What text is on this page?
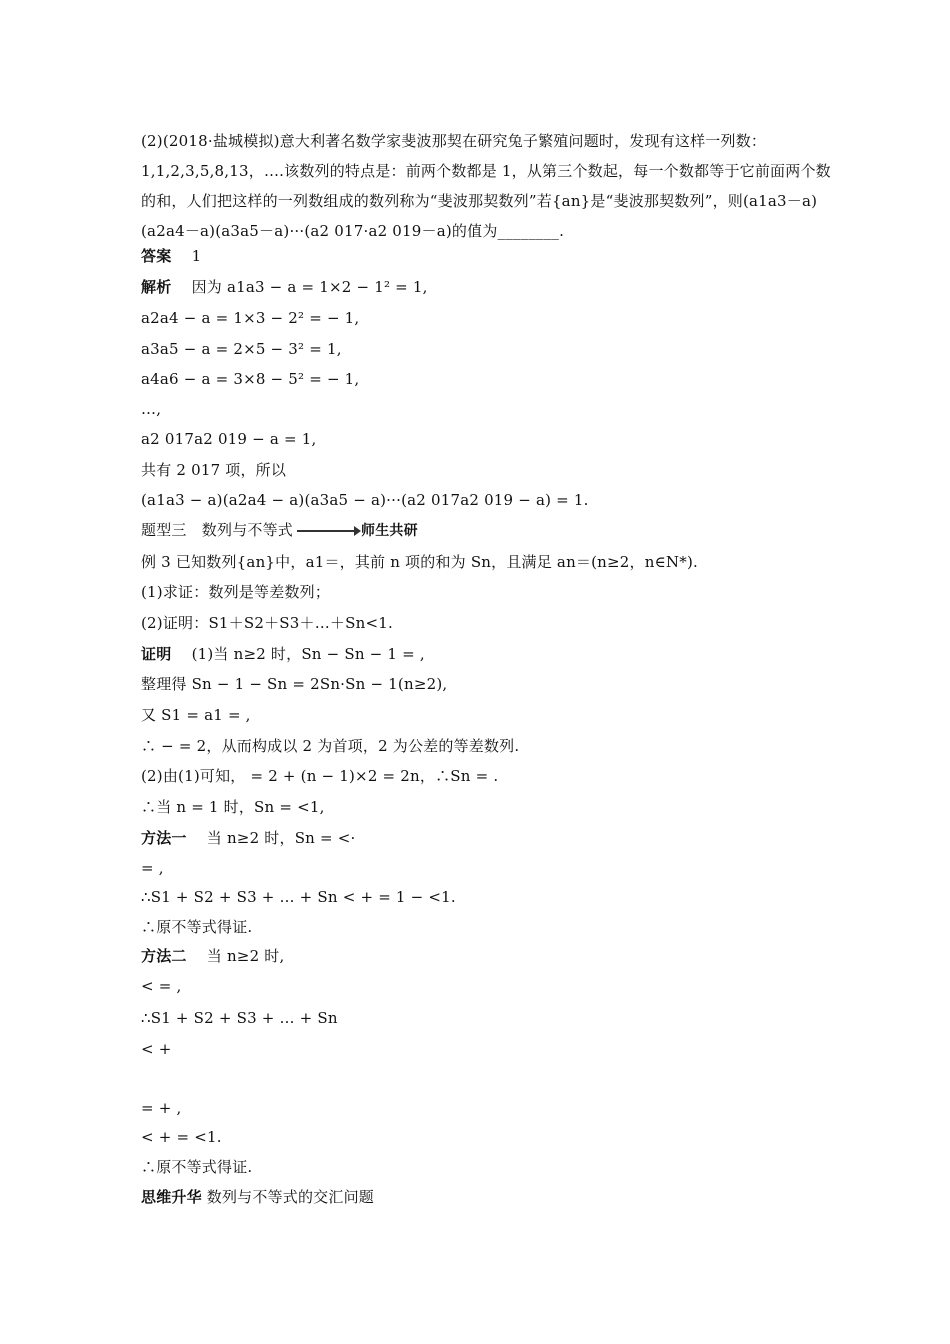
(2)(2018·盐城模拟)意大利著名数学家斐波那契在研究兔子繁殖问题时，发现有这样一列数：1,1,2,3,5,8,13，….该数列的特点是：前两个数都是 1，从第三个数起，每一个数都等于它前面两个数的和，人们把这样的一列数组成的数列称为“斐波那契数列”若{an}是“斐波那契数列”，则(a1a3－a)(a2a4－a)(a3a5－a)···(a2 017·a2 019－a)的值为________.
答案　 1
解析　 因为 a1a3 − a = 1×2 − 1² = 1,
a2a4 − a = 1×3 − 2² = − 1,
a3a5 − a = 2×5 − 3² = 1,
a4a6 − a = 3×8 − 5² = − 1,
…,
a2 017a2 019 − a = 1,
共有 2 017 项，所以
(a1a3 − a)(a2a4 − a)(a3a5 − a)···(a2 017a2 019 − a) = 1.
题型三　数列与不等式	师生共研
例 3 已知数列{an}中，a1＝，其前 n 项的和为 Sn，且满足 an＝(n≥2，n∈N*).
(1)求证：数列是等差数列；
(2)证明：S1＋S2＋S3＋…＋Sn<1.
证明　 (1)当 n≥2 时，Sn − Sn − 1 = ,
整理得 Sn − 1 − Sn = 2Sn·Sn − 1(n≥2),
又 S1 = a1 = ,
∴ − = 2，从而构成以 2 为首项，2 为公差的等差数列.
(2)由(1)可知， = 2 + (n − 1)×2 = 2n，∴Sn = .
∴当 n = 1 时，Sn = <1,
方法一　 当 n≥2 时，Sn = <·
= ,
∴S1 + S2 + S3 + … + Sn < + = 1 − <1.
∴原不等式得证.
方法二　 当 n≥2 时,
< = ,
∴S1 + S2 + S3 + … + Sn
< +
= + ,
< + = <1.
∴原不等式得证.
思维升华 数列与不等式的交汇问题
